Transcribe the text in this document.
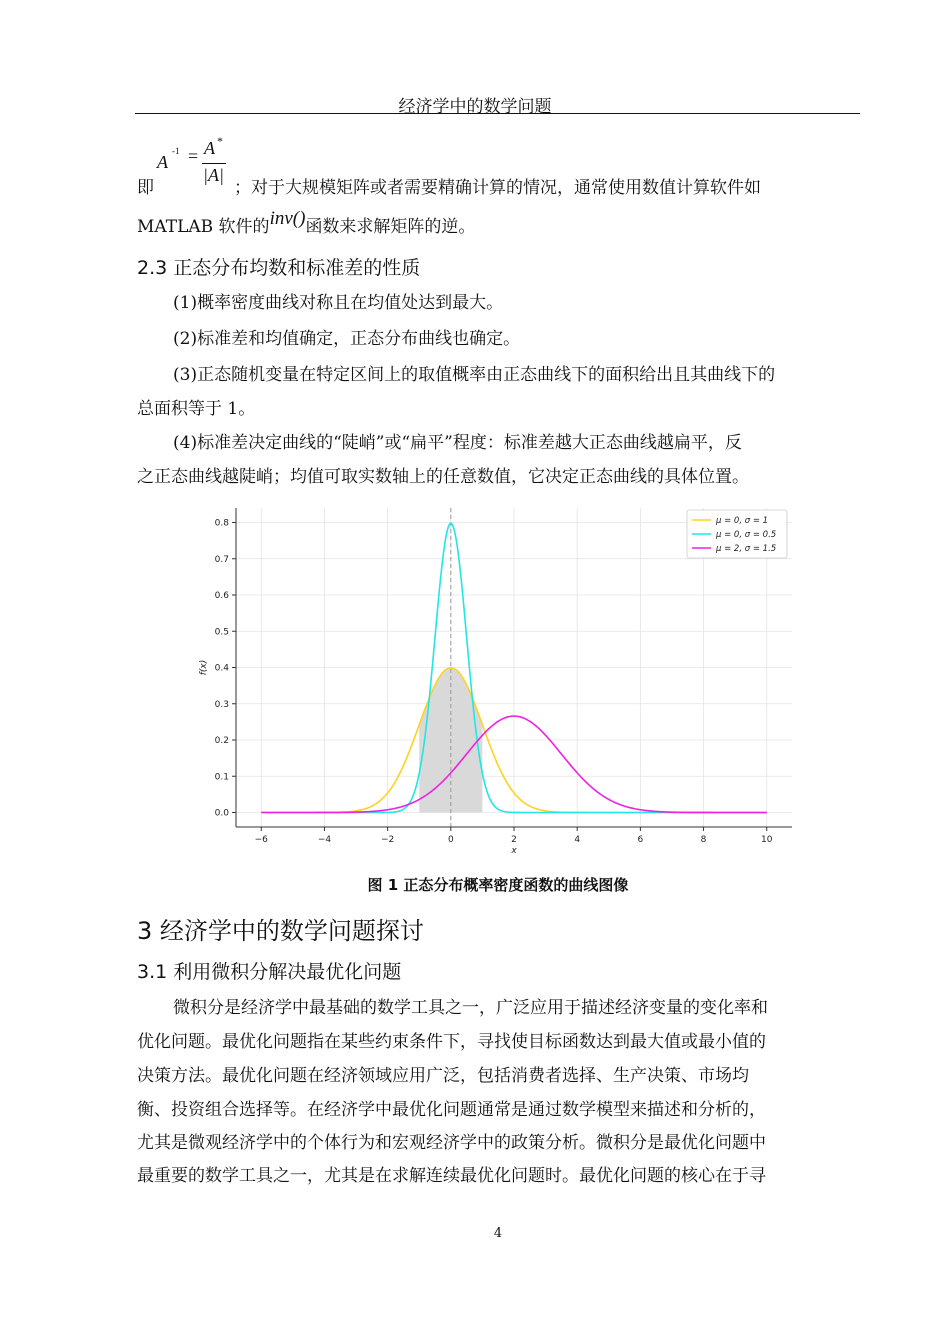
经济学中的数学问题
A
-1 = A *
|A|
即	；对于大规模矩阵或者需要精确计算的情况，通常使用数值计算软件如
MATLAB 软件的inv()函数来求解矩阵的逆。
2.3 正态分布均数和标准差的性质
(1)概率密度曲线对称且在均值处达到最大。
(2)标准差和均值确定，正态分布曲线也确定。
(3)正态随机变量在特定区间上的取值概率由正态曲线下的面积给出且其曲线下的
总面积等于 1。
(4)标准差决定曲线的“陡峭”或“扁平”程度：标准差越大正态曲线越扁平，反
之正态曲线越陡峭；均值可取实数轴上的任意数值，它决定正态曲线的具体位置。
−6	−4	−2	0	2	4	6	8	10
0.0
0.1
0.2
0.3
0.4
0.5
0.6
0.7
0.8
x
f(x)
μ = 0, σ = 1
μ = 0, σ = 0.5
μ = 2, σ = 1.5
图 1 正态分布概率密度函数的曲线图像
3 经济学中的数学问题探讨
3.1 利用微积分解决最优化问题
微积分是经济学中最基础的数学工具之一，广泛应用于描述经济变量的变化率和
优化问题。最优化问题指在某些约束条件下，寻找使目标函数达到最大值或最小值的
决策方法。最优化问题在经济领域应用广泛，包括消费者选择、生产决策、市场均
衡、投资组合选择等。在经济学中最优化问题通常是通过数学模型来描述和分析的，
尤其是微观经济学中的个体行为和宏观经济学中的政策分析。微积分是最优化问题中
最重要的数学工具之一，尤其是在求解连续最优化问题时。最优化问题的核心在于寻
4
